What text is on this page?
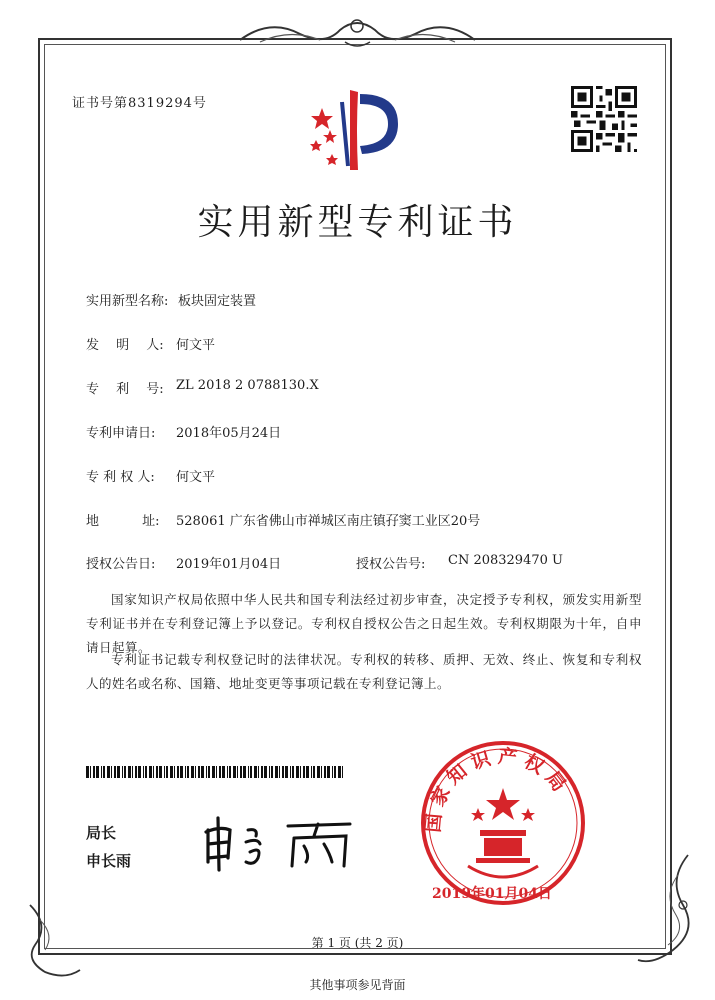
证书号第8319294号
实用新型专利证书
实用新型名称: 板块固定装置
发　 明　 人: 何文平
专　 利　 号: ZL 2018 2 0788130.X
专利申请日: 2018年05月24日
专 利 权 人: 何文平
地　　　 址: 528061 广东省佛山市禅城区南庄镇孖窦工业区20号
授权公告日: 2019年01月04日	授权公告号: CN 208329470 U
国家知识产权局依照中华人民共和国专利法经过初步审查，决定授予专利权，颁发实用新型专利证书并在专利登记簿上予以登记。专利权自授权公告之日起生效。专利权期限为十年，自申请日起算。
专利证书记载专利权登记时的法律状况。专利权的转移、质押、无效、终止、恢复和专利权人的姓名或名称、国籍、地址变更等事项记载在专利登记簿上。
局长
申长雨
国家知识产权局
2019年01月04日
第 1 页 (共 2 页)
其他事项参见背面
